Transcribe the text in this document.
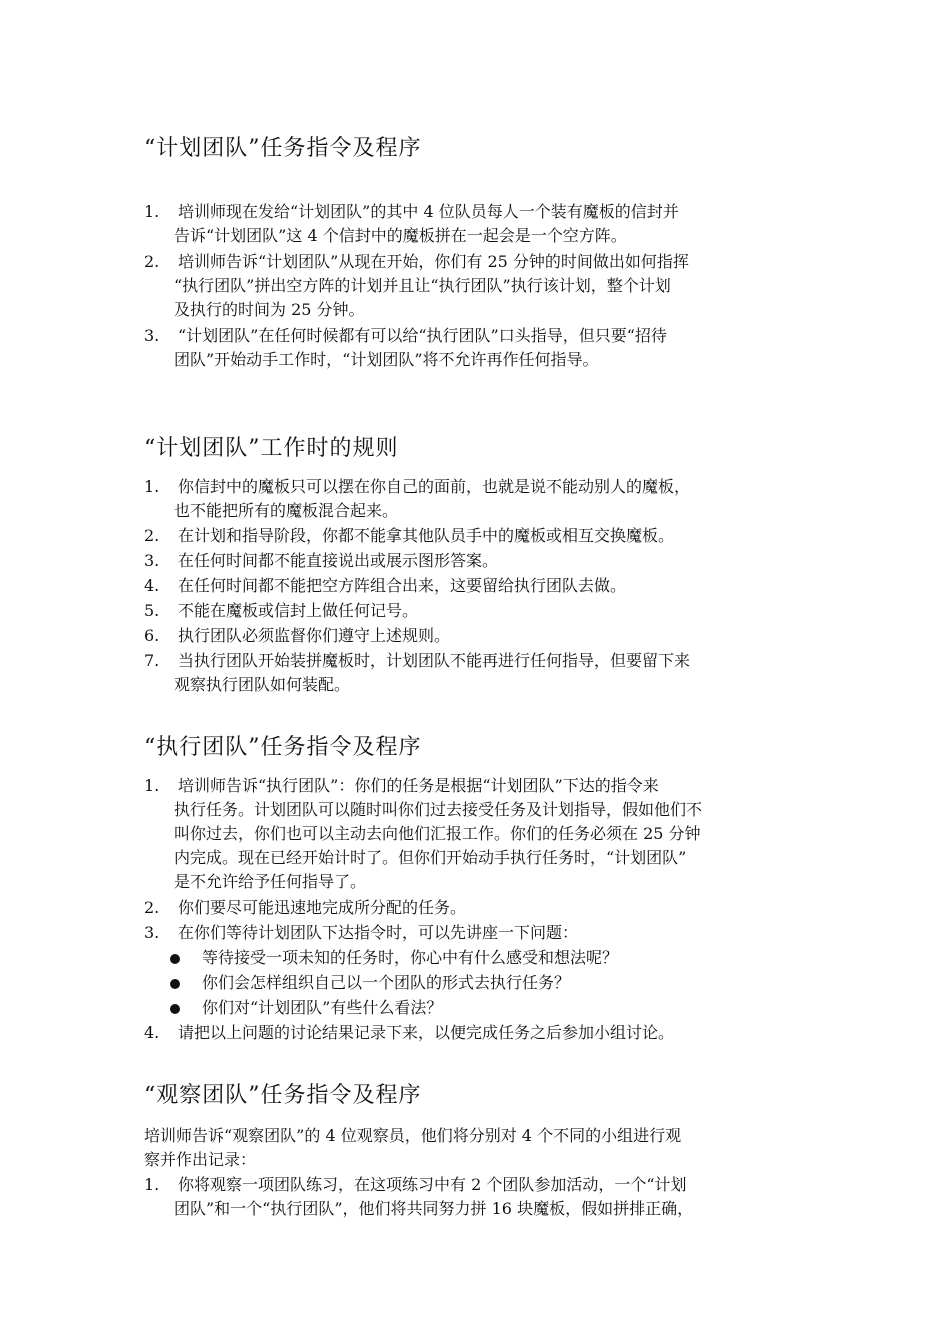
“计划团队”任务指令及程序
1. 培训师现在发给“计划团队”的其中 4 位队员每人一个装有魔板的信封并
告诉“计划团队”这 4 个信封中的魔板拼在一起会是一个空方阵。
2. 培训师告诉“计划团队”从现在开始，你们有 25 分钟的时间做出如何指挥
“执行团队”拼出空方阵的计划并且让“执行团队”执行该计划，整个计划
及执行的时间为 25 分钟。
3. “计划团队”在任何时候都有可以给“执行团队”口头指导，但只要“招待
团队”开始动手工作时，“计划团队”将不允许再作任何指导。
“计划团队”工作时的规则
1. 你信封中的魔板只可以摆在你自己的面前，也就是说不能动别人的魔板，
也不能把所有的魔板混合起来。
2. 在计划和指导阶段，你都不能拿其他队员手中的魔板或相互交换魔板。
3. 在任何时间都不能直接说出或展示图形答案。
4. 在任何时间都不能把空方阵组合出来，这要留给执行团队去做。
5. 不能在魔板或信封上做任何记号。
6. 执行团队必须监督你们遵守上述规则。
7. 当执行团队开始装拼魔板时，计划团队不能再进行任何指导，但要留下来
观察执行团队如何装配。
“执行团队”任务指令及程序
1. 培训师告诉“执行团队”：你们的任务是根据“计划团队”下达的指令来
执行任务。计划团队可以随时叫你们过去接受任务及计划指导，假如他们不
叫你过去，你们也可以主动去向他们汇报工作。你们的任务必须在 25 分钟
内完成。现在已经开始计时了。但你们开始动手执行任务时，“计划团队”
是不允许给予任何指导了。
2. 你们要尽可能迅速地完成所分配的任务。
3. 在你们等待计划团队下达指令时，可以先讲座一下问题：
等待接受一项未知的任务时，你心中有什么感受和想法呢？
你们会怎样组织自己以一个团队的形式去执行任务？
你们对“计划团队”有些什么看法？
4. 请把以上问题的讨论结果记录下来，以便完成任务之后参加小组讨论。
“观察团队”任务指令及程序
培训师告诉“观察团队”的 4 位观察员，他们将分别对 4 个不同的小组进行观
察并作出记录：
1. 你将观察一项团队练习，在这项练习中有 2 个团队参加活动，一个“计划
团队”和一个“执行团队”，他们将共同努力拼 16 块魔板，假如拼排正确，
